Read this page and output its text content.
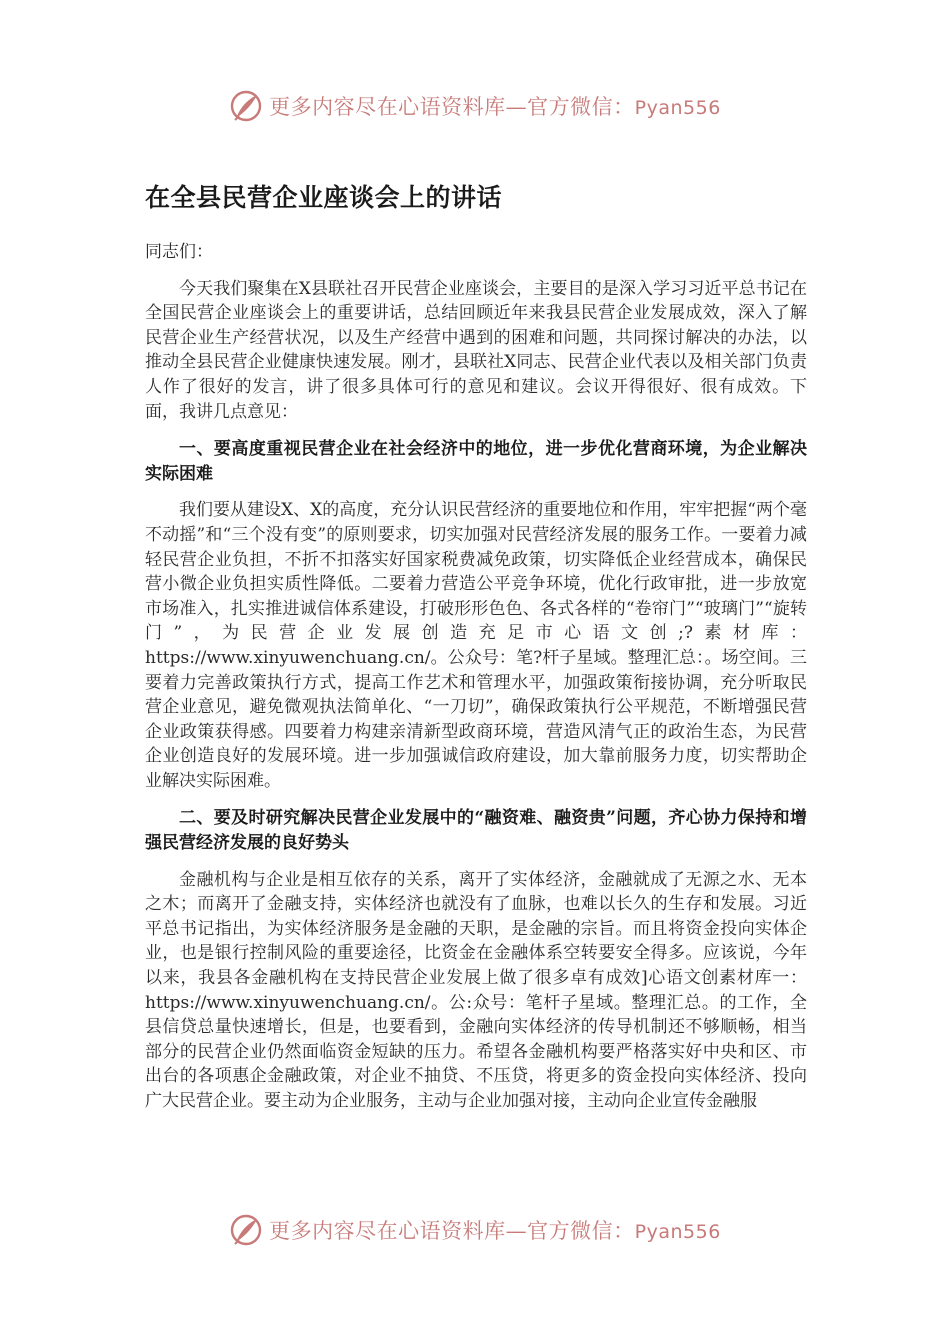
更多内容尽在心语资料库—官方微信：Pyan556
在全县民营企业座谈会上的讲话

同志们：

今天我们聚集在X县联社召开民营企业座谈会，主要目的是深入学习习近平总书记在全国民营企业座谈会上的重要讲话，总结回顾近年来我县民营企业发展成效，深入了解民营企业生产经营状况，以及生产经营中遇到的困难和问题，共同探讨解决的办法，以推动全县民营企业健康快速发展。刚才，县联社X同志、民营企业代表以及相关部门负责人作了很好的发言，讲了很多具体可行的意见和建议。会议开得很好、很有成效。下面，我讲几点意见：

一、要高度重视民营企业在社会经济中的地位，进一步优化营商环境，为企业解决实际困难

我们要从建设X、X的高度，充分认识民营经济的重要地位和作用，牢牢把握“两个毫不动摇”和“三个没有变”的原则要求，切实加强对民营经济发展的服务工作。一要着力减轻民营企业负担，不折不扣落实好国家税费减免政策，切实降低企业经营成本，确保民营小微企业负担实质性降低。二要着力营造公平竞争环境，优化行政审批，进一步放宽市场准入，扎实推进诚信体系建设，打破形形色色、各式各样的“卷帘门”“玻璃门”“旋转门”，为民营企业发展创造充足市心语文创;?素材库：https://www.xinyuwenchuang.cn/。公众号：笔?杆子星域。整理汇总：。场空间。三要着力完善政策执行方式，提高工作艺术和管理水平，加强政策衔接协调，充分听取民营企业意见，避免微观执法简单化、“一刀切”，确保政策执行公平规范，不断增强民营企业政策获得感。四要着力构建亲清新型政商环境，营造风清气正的政治生态，为民营企业创造良好的发展环境。进一步加强诚信政府建设，加大靠前服务力度，切实帮助企业解决实际困难。

二、要及时研究解决民营企业发展中的“融资难、融资贵”问题，齐心协力保持和增强民营经济发展的良好势头

金融机构与企业是相互依存的关系，离开了实体经济，金融就成了无源之水、无本之木；而离开了金融支持，实体经济也就没有了血脉，也难以长久的生存和发展。习近平总书记指出，为实体经济服务是金融的天职，是金融的宗旨。而且将资金投向实体企业，也是银行控制风险的重要途径，比资金在金融体系空转要安全得多。应该说，今年以来，我县各金融机构在支持民营企业发展上做了很多卓有成效]心语文创素材库一：https://www.xinyuwenchuang.cn/。公:众号：笔杆子星域。整理汇总。的工作，全县信贷总量快速增长，但是，也要看到，金融向实体经济的传导机制还不够顺畅，相当部分的民营企业仍然面临资金短缺的压力。希望各金融机构要严格落实好中央和区、市出台的各项惠企金融政策，对企业不抽贷、不压贷，将更多的资金投向实体经济、投向广大民营企业。要主动为企业服务，主动与企业加强对接，主动向企业宣传金融服

更多内容尽在心语资料库—官方微信：Pyan556
